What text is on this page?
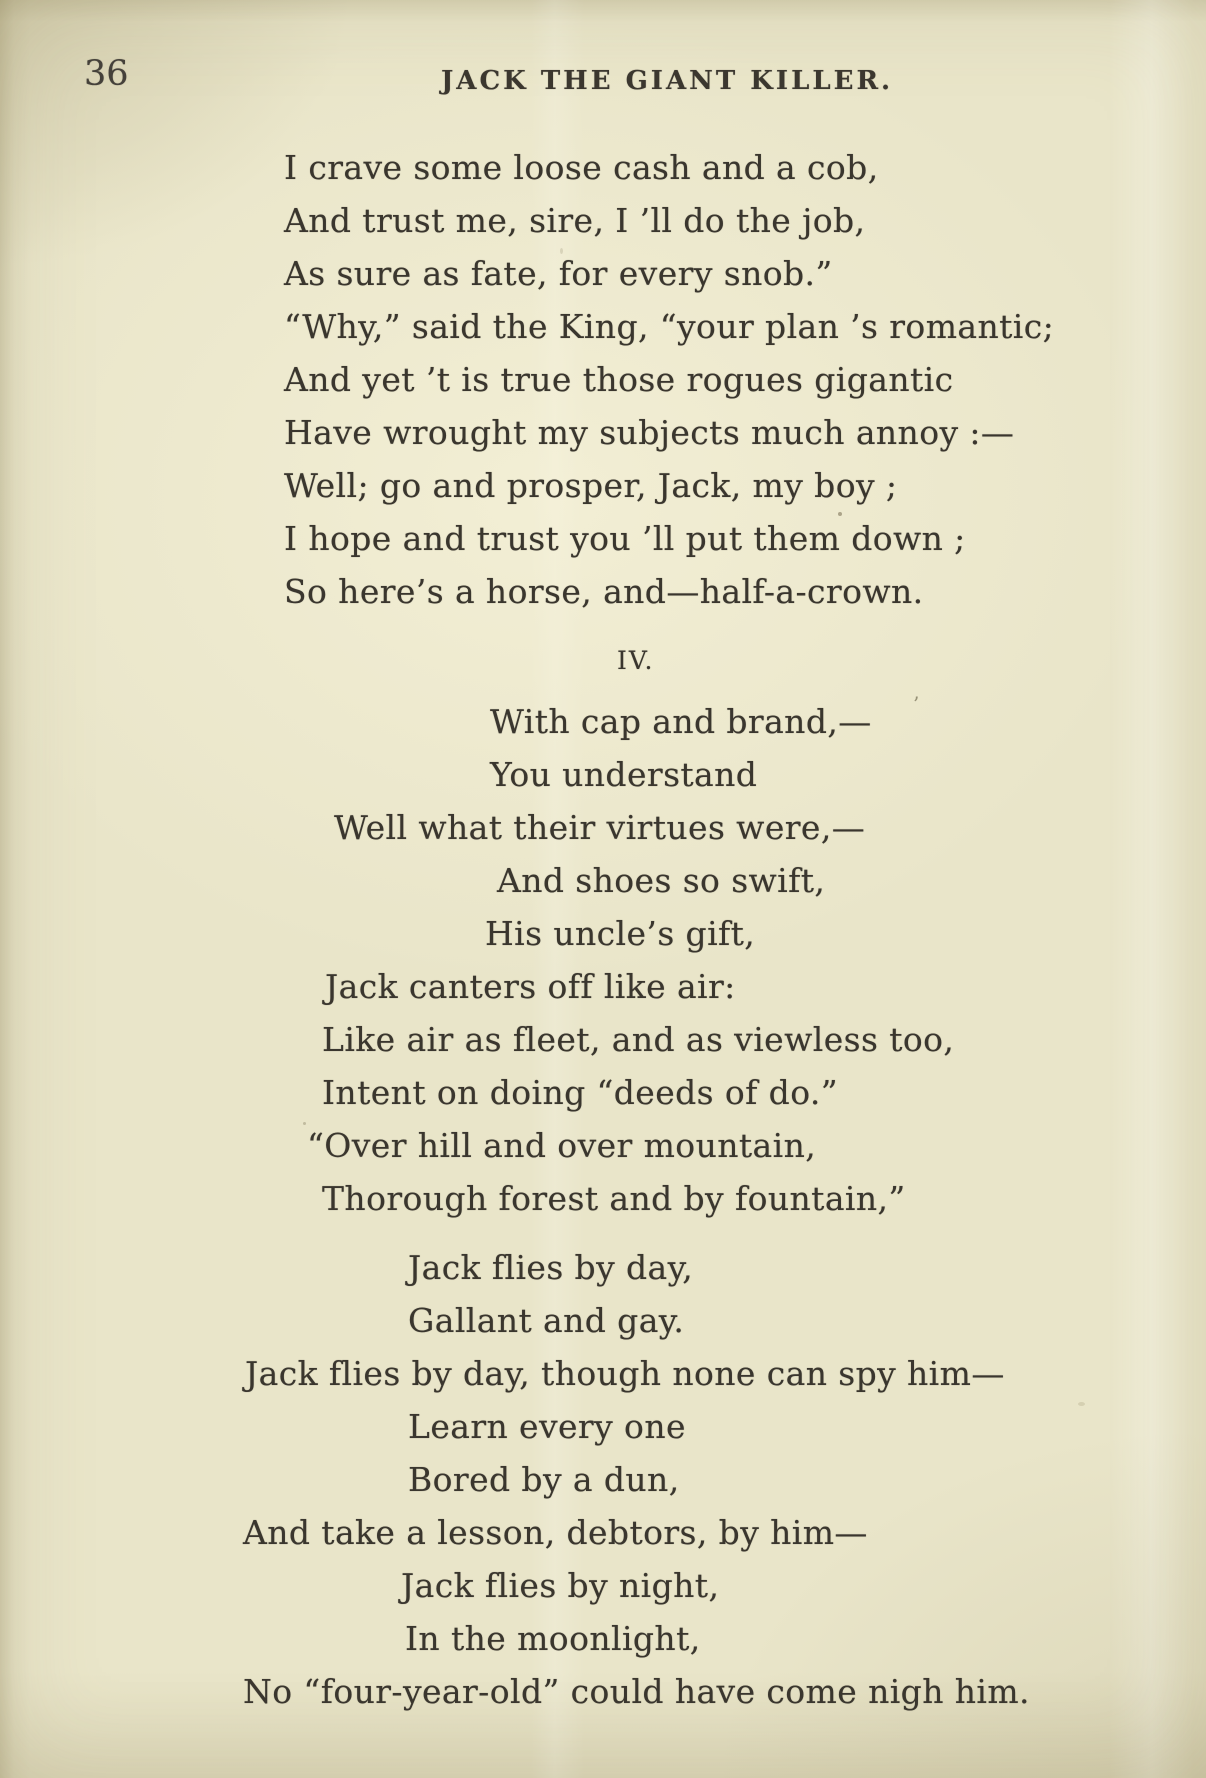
36	JACK THE GIANT KILLER.
I crave some loose cash and a cob,
And trust me, sire, I ’ll do the job,
As sure as fate, for every snob.”
“Why,” said the King, “your plan ’s romantic;
And yet ’t is true those rogues gigantic
Have wrought my subjects much annoy :—
Well; go and prosper, Jack, my boy ;
I hope and trust you ’ll put them down ;
So here’s a horse, and—half-a-crown.
IV.
With cap and brand,—
You understand
Well what their virtues were,—
And shoes so swift,
His uncle’s gift,
Jack canters off like air:
Like air as fleet, and as viewless too,
Intent on doing “deeds of do.”
“Over hill and over mountain,
Thorough forest and by fountain,”
Jack flies by day,
Gallant and gay.
Jack flies by day, though none can spy him—
Learn every one
Bored by a dun,
And take a lesson, debtors, by him—
Jack flies by night,
In the moonlight,
No “four-year-old” could have come nigh him.
’
